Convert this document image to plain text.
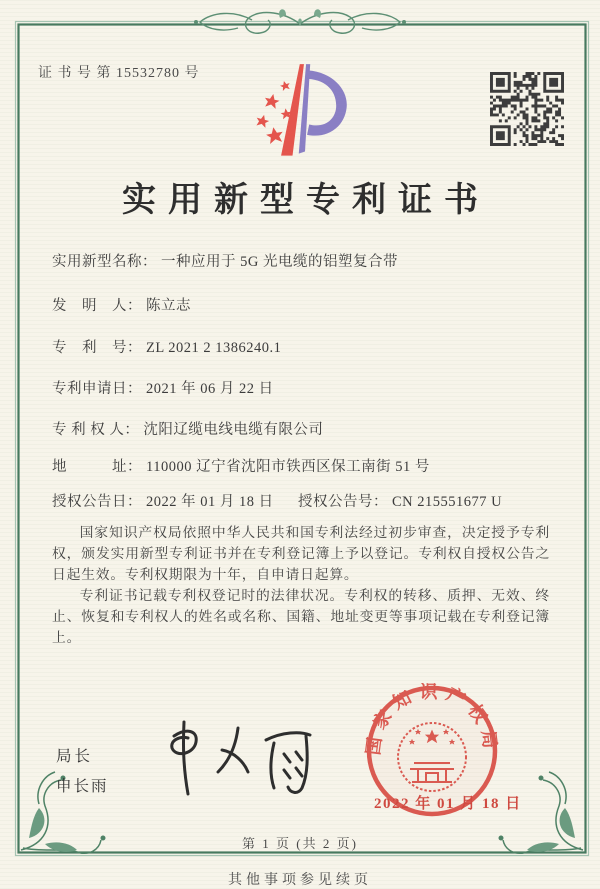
证 书 号 第 15532780 号
实用新型专利证书
实用新型名称： 一种应用于 5G 光电缆的铝塑复合带
发　明　人： 陈立志
专　利　号： ZL 2021 2 1386240.1
专利申请日： 2021 年 06 月 22 日
专 利 权 人： 沈阳辽缆电线电缆有限公司
地　　　址： 110000 辽宁省沈阳市铁西区保工南街 51 号
授权公告日： 2022 年 01 月 18 日 授权公告号： CN 215551677 U

国家知识产权局依照中华人民共和国专利法经过初步审查，决定授予专利权，颁发实用新型专利证书并在专利登记簿上予以登记。专利权自授权公告之日起生效。专利权期限为十年，自申请日起算。

专利证书记载专利权登记时的法律状况。专利权的转移、质押、无效、终止、恢复和专利权人的姓名或名称、国籍、地址变更等事项记载在专利登记簿上。

局长
申长雨
国家知识产权局
2022 年 01 月 18 日
第 1 页 (共 2 页)
其他事项参见续页
